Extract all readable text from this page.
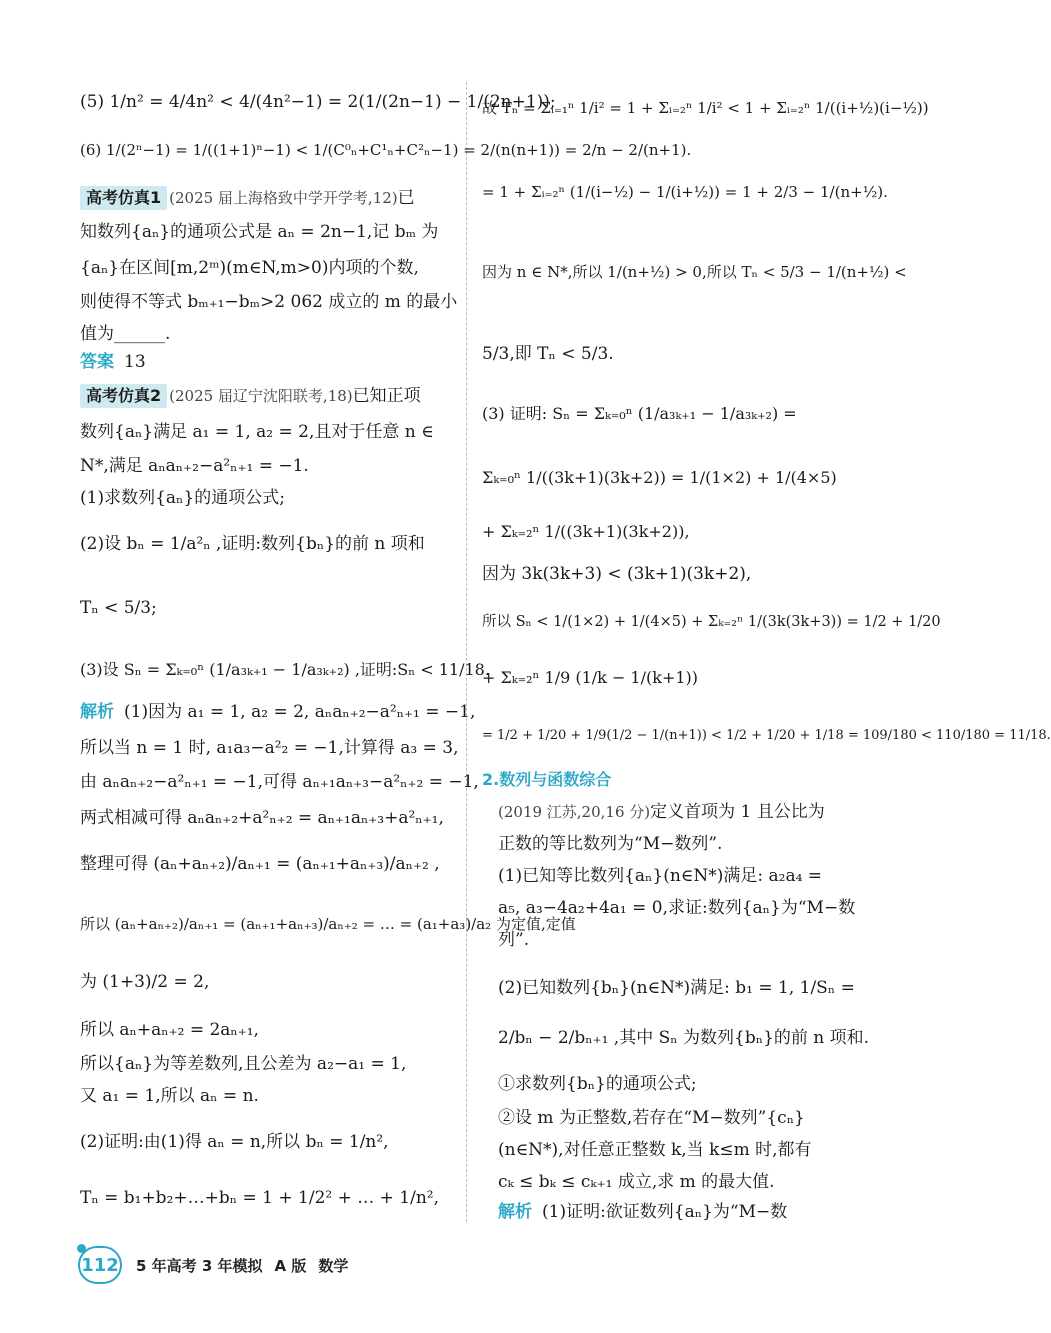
(5) 1/n² = 4/4n² < 4/(4n²−1) = 2(1/(2n−1) − 1/(2n+1));
(6) 1/(2ⁿ−1) = 1/((1+1)ⁿ−1) < 1/(C⁰ₙ+C¹ₙ+C²ₙ−1) = 2/(n(n+1)) = 2/n − 2/(n+1).
高考仿真1 (2025 届上海格致中学开学考,12)已
知数列{aₙ}的通项公式是 aₙ = 2n−1,记 bₘ 为
{aₙ}在区间[m,2ᵐ)(m∈N,m>0)内项的个数,
则使得不等式 bₘ₊₁−bₘ>2 062 成立的 m 的最小
值为______.
答案 13
高考仿真2 (2025 届辽宁沈阳联考,18)已知正项
数列{aₙ}满足 a₁ = 1, a₂ = 2,且对于任意 n ∈
N*,满足 aₙaₙ₊₂−a²ₙ₊₁ = −1.
(1)求数列{aₙ}的通项公式;
(2)设 bₙ = 1/a²ₙ ,证明:数列{bₙ}的前 n 项和
Tₙ < 5/3;
(3)设 Sₙ = Σₖ₌₀ⁿ (1/a₃ₖ₊₁ − 1/a₃ₖ₊₂) ,证明:Sₙ < 11/18.
解析 (1)因为 a₁ = 1, a₂ = 2, aₙaₙ₊₂−a²ₙ₊₁ = −1,
所以当 n = 1 时, a₁a₃−a²₂ = −1,计算得 a₃ = 3,
由 aₙaₙ₊₂−a²ₙ₊₁ = −1,可得 aₙ₊₁aₙ₊₃−a²ₙ₊₂ = −1,
两式相减可得 aₙaₙ₊₂+a²ₙ₊₂ = aₙ₊₁aₙ₊₃+a²ₙ₊₁,
整理可得 (aₙ+aₙ₊₂)/aₙ₊₁ = (aₙ₊₁+aₙ₊₃)/aₙ₊₂ ,
所以 (aₙ+aₙ₊₂)/aₙ₊₁ = (aₙ₊₁+aₙ₊₃)/aₙ₊₂ = … = (a₁+a₃)/a₂ 为定值,定值
为 (1+3)/2 = 2,
所以 aₙ+aₙ₊₂ = 2aₙ₊₁,
所以{aₙ}为等差数列,且公差为 a₂−a₁ = 1,
又 a₁ = 1,所以 aₙ = n.
(2)证明:由(1)得 aₙ = n,所以 bₙ = 1/n²,
Tₙ = b₁+b₂+…+bₙ = 1 + 1/2² + … + 1/n²,
故 Tₙ = Σᵢ₌₁ⁿ 1/i² = 1 + Σᵢ₌₂ⁿ 1/i² < 1 + Σᵢ₌₂ⁿ 1/((i+½)(i−½))
= 1 + Σᵢ₌₂ⁿ (1/(i−½) − 1/(i+½)) = 1 + 2/3 − 1/(n+½).
因为 n ∈ N*,所以 1/(n+½) > 0,所以 Tₙ < 5/3 − 1/(n+½) <
5/3,即 Tₙ < 5/3.
(3) 证明: Sₙ = Σₖ₌₀ⁿ (1/a₃ₖ₊₁ − 1/a₃ₖ₊₂) =
Σₖ₌₀ⁿ 1/((3k+1)(3k+2)) = 1/(1×2) + 1/(4×5)
+ Σₖ₌₂ⁿ 1/((3k+1)(3k+2)),
因为 3k(3k+3) < (3k+1)(3k+2),
所以 Sₙ < 1/(1×2) + 1/(4×5) + Σₖ₌₂ⁿ 1/(3k(3k+3)) = 1/2 + 1/20
+ Σₖ₌₂ⁿ 1/9 (1/k − 1/(k+1))
= 1/2 + 1/20 + 1/9(1/2 − 1/(n+1)) < 1/2 + 1/20 + 1/18 = 109/180 < 110/180 = 11/18.
2.数列与函数综合
(2019 江苏,20,16 分)定义首项为 1 且公比为
正数的等比数列为“M−数列”.
(1)已知等比数列{aₙ}(n∈N*)满足: a₂a₄ =
a₅, a₃−4a₂+4a₁ = 0,求证:数列{aₙ}为“M−数
列”.
(2)已知数列{bₙ}(n∈N*)满足: b₁ = 1, 1/Sₙ =
2/bₙ − 2/bₙ₊₁ ,其中 Sₙ 为数列{bₙ}的前 n 项和.
①求数列{bₙ}的通项公式;
②设 m 为正整数,若存在“M−数列”{cₙ}
(n∈N*),对任意正整数 k,当 k≤m 时,都有
cₖ ≤ bₖ ≤ cₖ₊₁ 成立,求 m 的最大值.
解析 (1)证明:欲证数列{aₙ}为“M−数
112 5 年高考 3 年模拟 A 版 数学
